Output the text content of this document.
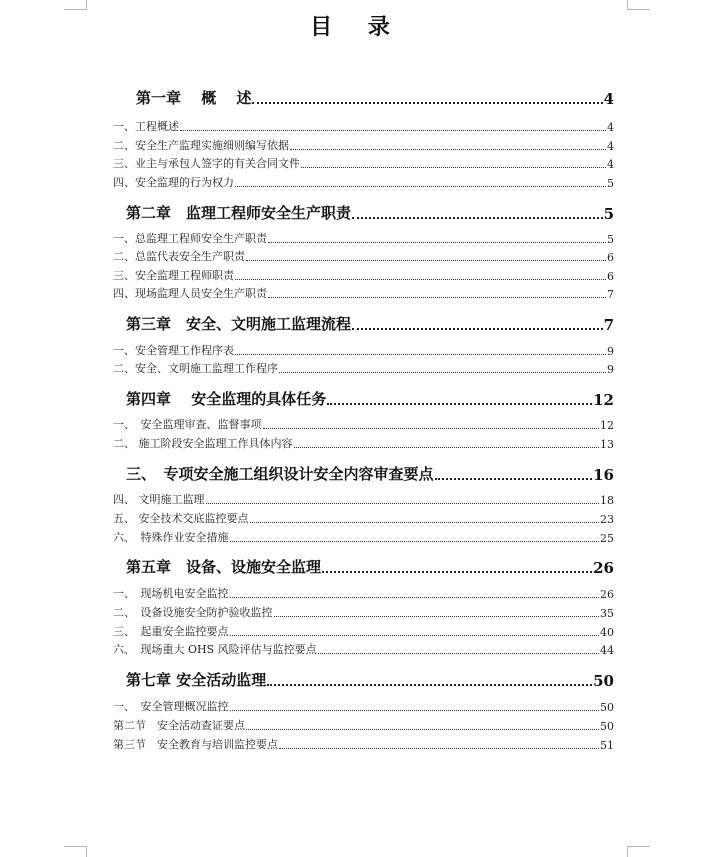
目 录
第一章　 概　 述	4
一、工程概述	4
二、安全生产监理实施细则编写依据	4
三、业主与承包人签字的有关合同文件	4
四、安全监理的行为权力	5
第二章　监理工程师安全生产职责	5
一、总监理工程师安全生产职责	5
二、总监代表安全生产职责	6
三、安全监理工程师职责	6
四、现场监理人员安全生产职责	7
第三章　安全、文明施工监理流程	7
一、安全管理工作程序表	9
二、安全、文明施工监理工作程序	9
第四章　 安全监理的具体任务	12
一、　安全监理审查、监督事项	12
二、 施工阶段安全监理工作具体内容	13
三、　专项安全施工组织设计安全内容审查要点	16
四、 文明施工监理	18
五、 安全技术交底监控要点	23
六、　特殊作业安全措施	25
第五章　设备、设施安全监理	26
一、　现场机电安全监控	26
二、　设备设施安全防护验收监控	35
三、　起重安全监控要点	40
六、　现场重大 OHS 风险评估与监控要点	44
第七章 安全活动监理	50
一、　安全管理概况监控	50
第二节　安全活动查证要点	50
第三节　安全教育与培训监控要点	51
